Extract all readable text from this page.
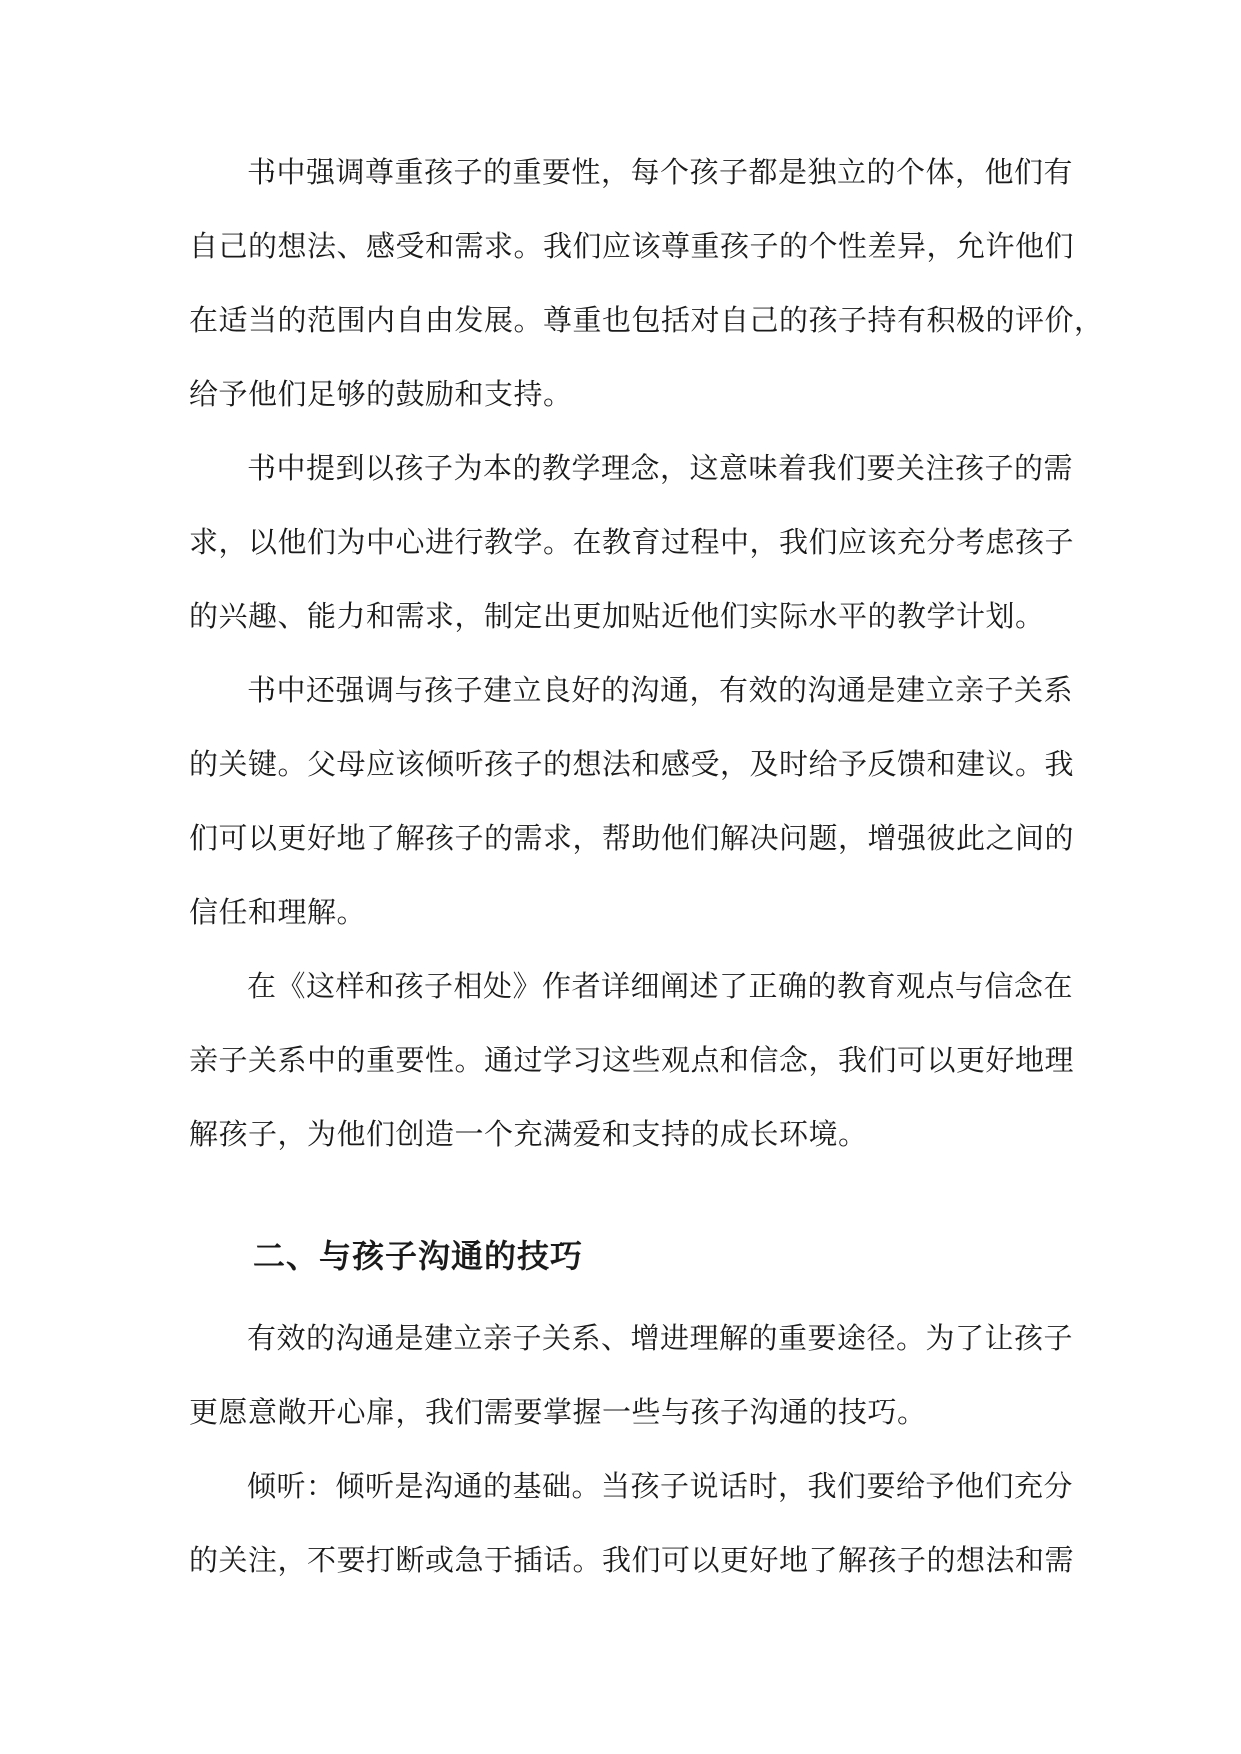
书中强调尊重孩子的重要性，每个孩子都是独立的个体，他们有
自己的想法、感受和需求。我们应该尊重孩子的个性差异，允许他们
在适当的范围内自由发展。尊重也包括对自己的孩子持有积极的评价，
给予他们足够的鼓励和支持。
书中提到以孩子为本的教学理念，这意味着我们要关注孩子的需
求，以他们为中心进行教学。在教育过程中，我们应该充分考虑孩子
的兴趣、能力和需求，制定出更加贴近他们实际水平的教学计划。
书中还强调与孩子建立良好的沟通，有效的沟通是建立亲子关系
的关键。父母应该倾听孩子的想法和感受，及时给予反馈和建议。我
们可以更好地了解孩子的需求，帮助他们解决问题，增强彼此之间的
信任和理解。
在《这样和孩子相处》作者详细阐述了正确的教育观点与信念在
亲子关系中的重要性。通过学习这些观点和信念，我们可以更好地理
解孩子，为他们创造一个充满爱和支持的成长环境。
二、与孩子沟通的技巧
有效的沟通是建立亲子关系、增进理解的重要途径。为了让孩子
更愿意敞开心扉，我们需要掌握一些与孩子沟通的技巧。
倾听：倾听是沟通的基础。当孩子说话时，我们要给予他们充分
的关注，不要打断或急于插话。我们可以更好地了解孩子的想法和需
